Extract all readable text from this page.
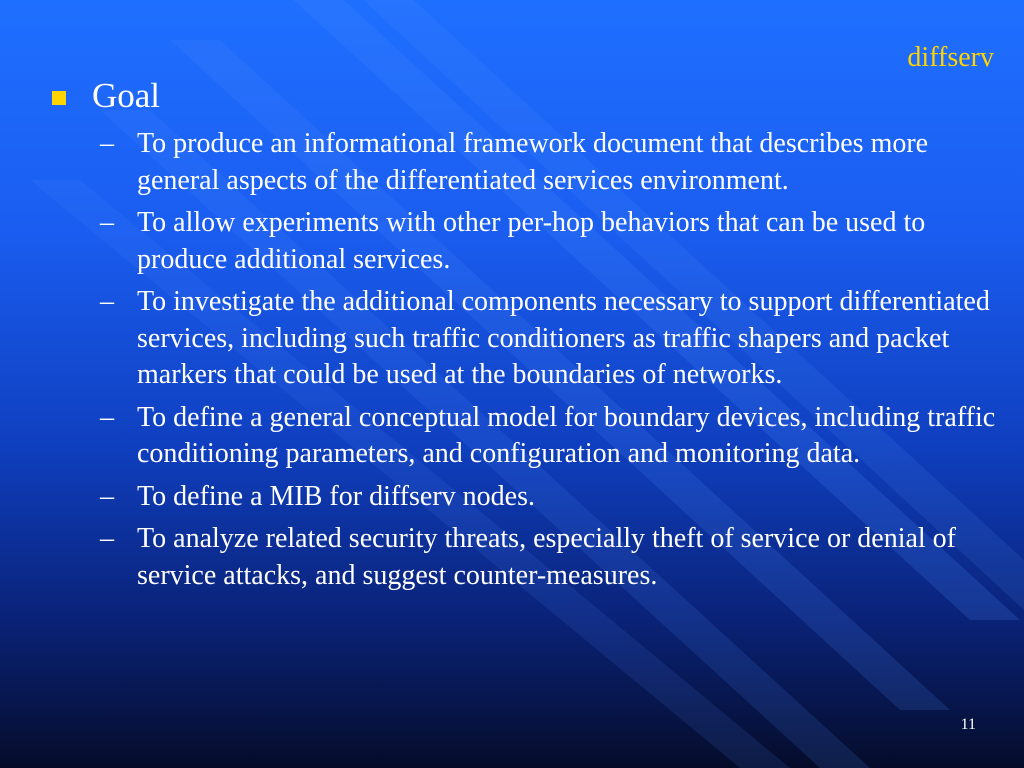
diffserv
Goal
– To produce an informational framework document that describes more general aspects of the differentiated services environment.
– To allow experiments with other per-hop behaviors that can be used to produce additional services.
– To investigate the additional components necessary to support differentiated services, including such traffic conditioners as traffic shapers and packet markers that could be used at the boundaries of networks.
– To define a general conceptual model for boundary devices, including traffic conditioning parameters, and configuration and monitoring data.
– To define a MIB for diffserv nodes.
– To analyze related security threats, especially theft of service or denial of service attacks, and suggest counter-measures.
11
